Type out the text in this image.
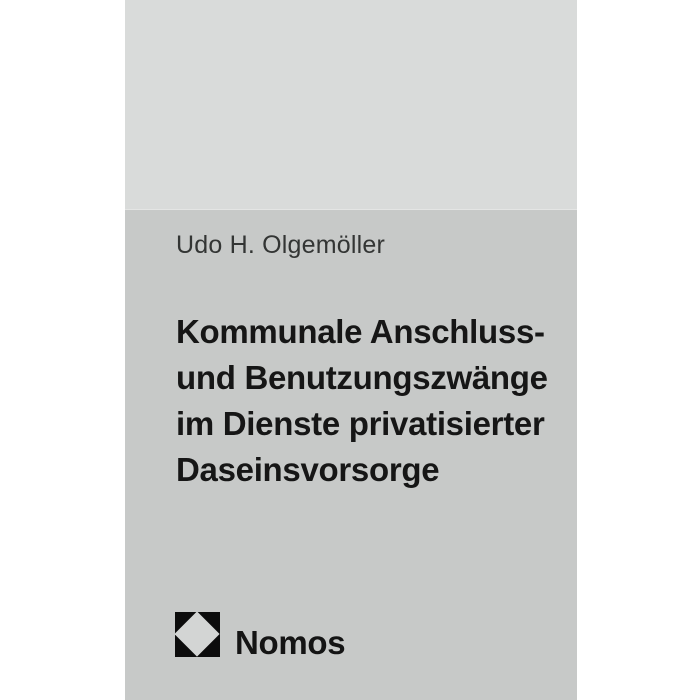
Udo H. Olgemöller
Kommunale Anschluss-
und Benutzungszwänge
im Dienste privatisierter
Daseinsvorsorge
Nomos
